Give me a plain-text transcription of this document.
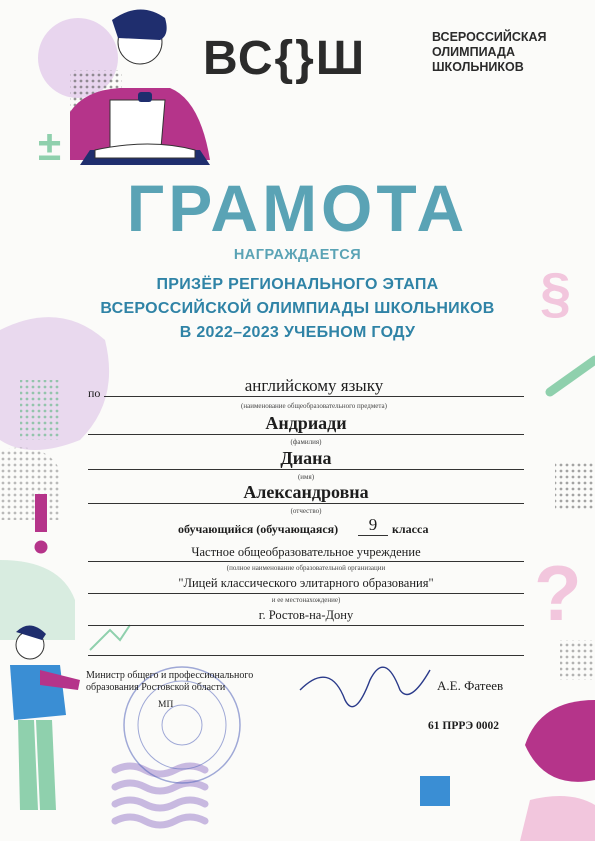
±
§
?
ВС{}Ш	ВСЕРОССИЙСКАЯ ОЛИМПИАДА ШКОЛЬНИКОВ
ГРАМОТА
НАГРАЖДАЕТСЯ
ПРИЗЁР РЕГИОНАЛЬНОГО ЭТАПА
ВСЕРОССИЙСКОЙ ОЛИМПИАДЫ ШКОЛЬНИКОВ
В 2022–2023 УЧЕБНОМ ГОДУ
по	английскому языку
(наименование общеобразовательного предмета)
Андриади
(фамилия)
Диана
(имя)
Александровна
(отчество)
обучающийся (обучающаяся)	9	класса
Частное общеобразовательное учреждение
(полное наименование образовательной организации
"Лицей классического элитарного образования"
и ее местонахождение)
г. Ростов-на-Дону
Министр общего и профессионального образования Ростовской области
МП
А.Е. Фатеев
61 ПРРЭ 0002
